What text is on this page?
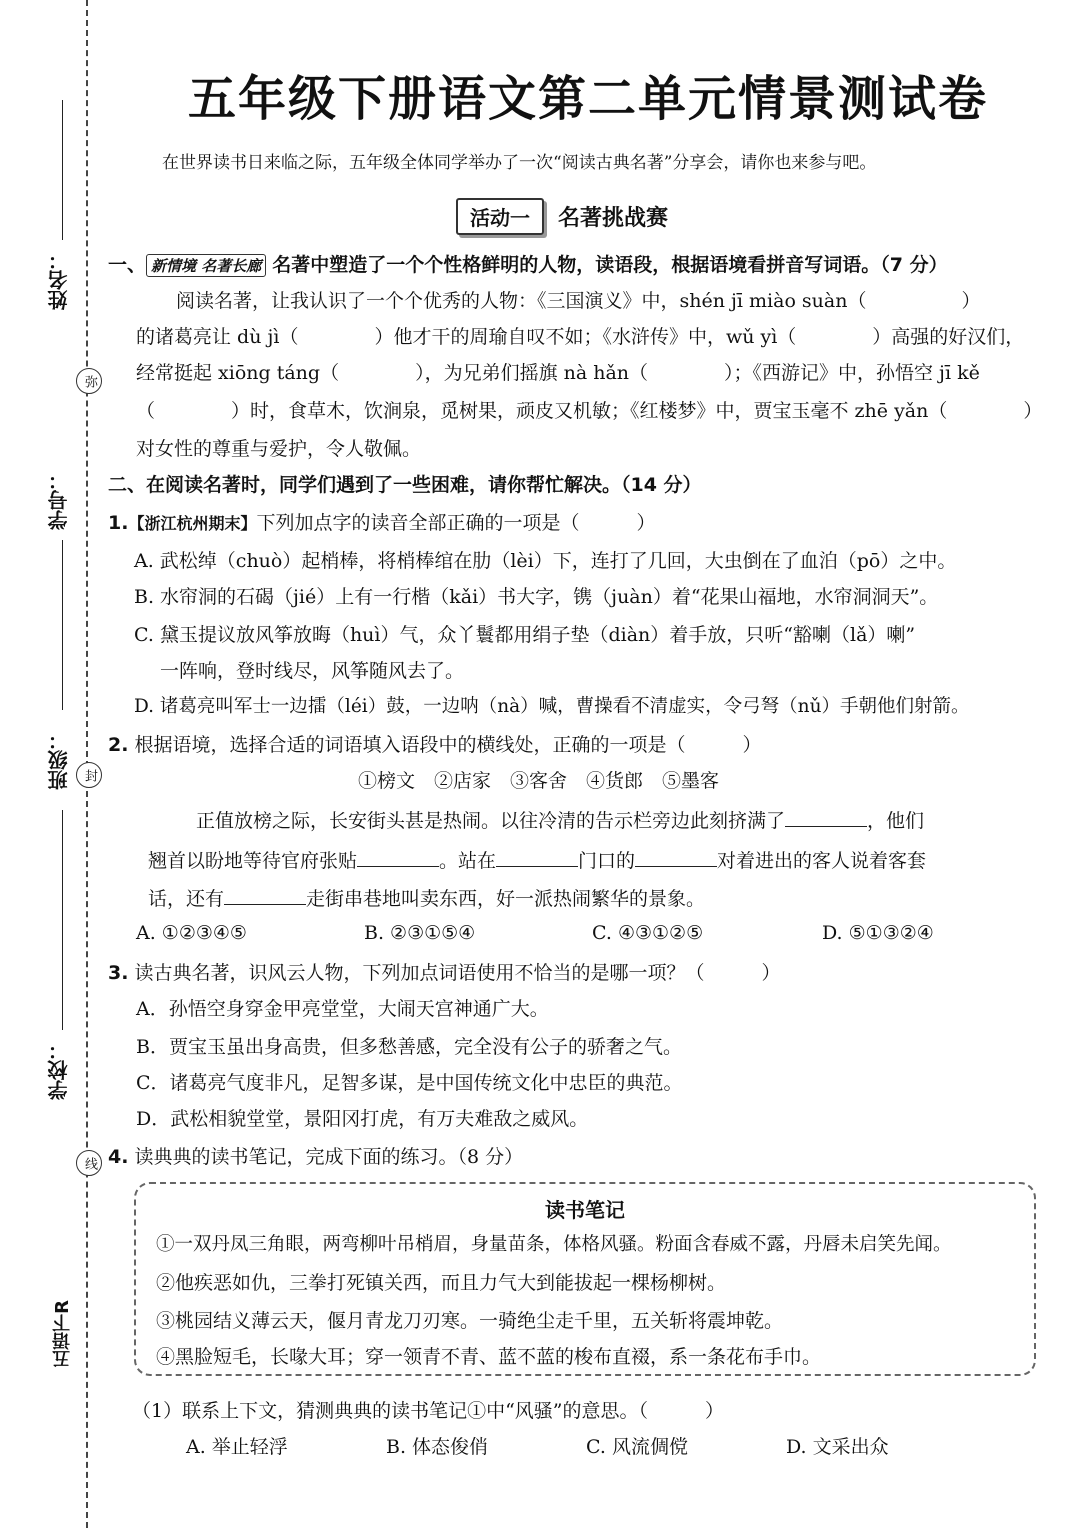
姓名：
弥
学号：
班级： 封
学校：
线
五语下R
五年级下册语文第二单元情景测试卷
在世界读书日来临之际，五年级全体同学举办了一次“阅读古典名著”分享会，请你也来参与吧。
活动一	名著挑战赛
一、 新情境 名著长廊 名著中塑造了一个个性格鲜明的人物，读语段，根据语境看拼音写词语。（7 分）
阅读名著，让我认识了一个个优秀的人物：《三国演义》中，shén jī miào suàn（　　　　　）
的诸葛亮让 dù jì（　　　　）他才干的周瑜自叹不如；《水浒传》中，wǔ yì（　　　　）高强的好汉们，
经常挺起 xiōng táng（　　　　），为兄弟们摇旗 nà hǎn（　　　　）；《西游记》中，孙悟空 jī kě
（　　　　）时，食草木，饮涧泉，觅树果，顽皮又机敏；《红楼梦》中，贾宝玉毫不 zhē yǎn（　　　　）
对女性的尊重与爱护，令人敬佩。
二、在阅读名著时，同学们遇到了一些困难，请你帮忙解决。（14 分）
1.【浙江杭州期末】下列加点字的读音全部正确的一项是（　　　）
A. 武松绰（chuò）起梢棒，将梢棒绾在肋（lèi）下，连打了几回，大虫倒在了血泊（pō）之中。
B. 水帘洞的石碣（jié）上有一行楷（kǎi）书大字，镌（juàn）着“花果山福地，水帘洞洞天”。
C. 黛玉提议放风筝放晦（huì）气，众丫鬟都用绢子垫（diàn）着手放，只听“豁喇（lǎ）喇”
一阵响，登时线尽，风筝随风去了。
D. 诸葛亮叫军士一边擂（léi）鼓，一边呐（nà）喊，曹操看不清虚实，令弓弩（nǔ）手朝他们射箭。
2. 根据语境，选择合适的词语填入语段中的横线处，正确的一项是（　　　）
①榜文　②店家　③客舍　④货郎　⑤墨客
正值放榜之际，长安街头甚是热闹。以往冷清的告示栏旁边此刻挤满了	，他们
翘首以盼地等待官府张贴	。站在	门口的	对着进出的客人说着客套
话，还有	走街串巷地叫卖东西，好一派热闹繁华的景象。
A. ①②③④⑤	B. ②③①⑤④	C. ④③①②⑤	D. ⑤①③②④
3. 读古典名著，识风云人物，下列加点词语使用不恰当的是哪一项？（　　　）
A．孙悟空身穿金甲亮堂堂，大闹天宫神通广大。
B．贾宝玉虽出身高贵，但多愁善感，完全没有公子的骄奢之气。
C．诸葛亮气度非凡，足智多谋，是中国传统文化中忠臣的典范。
D．武松相貌堂堂，景阳冈打虎，有万夫难敌之威风。
4. 读典典的读书笔记，完成下面的练习。（8 分）
读书笔记
①一双丹凤三角眼，两弯柳叶吊梢眉，身量苗条，体格风骚。粉面含春威不露，丹唇未启笑先闻。
②他疾恶如仇，三拳打死镇关西，而且力气大到能拔起一棵杨柳树。
③桃园结义薄云天，偃月青龙刀刃寒。一骑绝尘走千里，五关斩将震坤乾。
④黑脸短毛，长喙大耳；穿一领青不青、蓝不蓝的梭布直裰，系一条花布手巾。
（1）联系上下文，猜测典典的读书笔记①中“风骚”的意思。（　　　）
A. 举止轻浮	B. 体态俊俏	C. 风流倜傥	D. 文采出众
